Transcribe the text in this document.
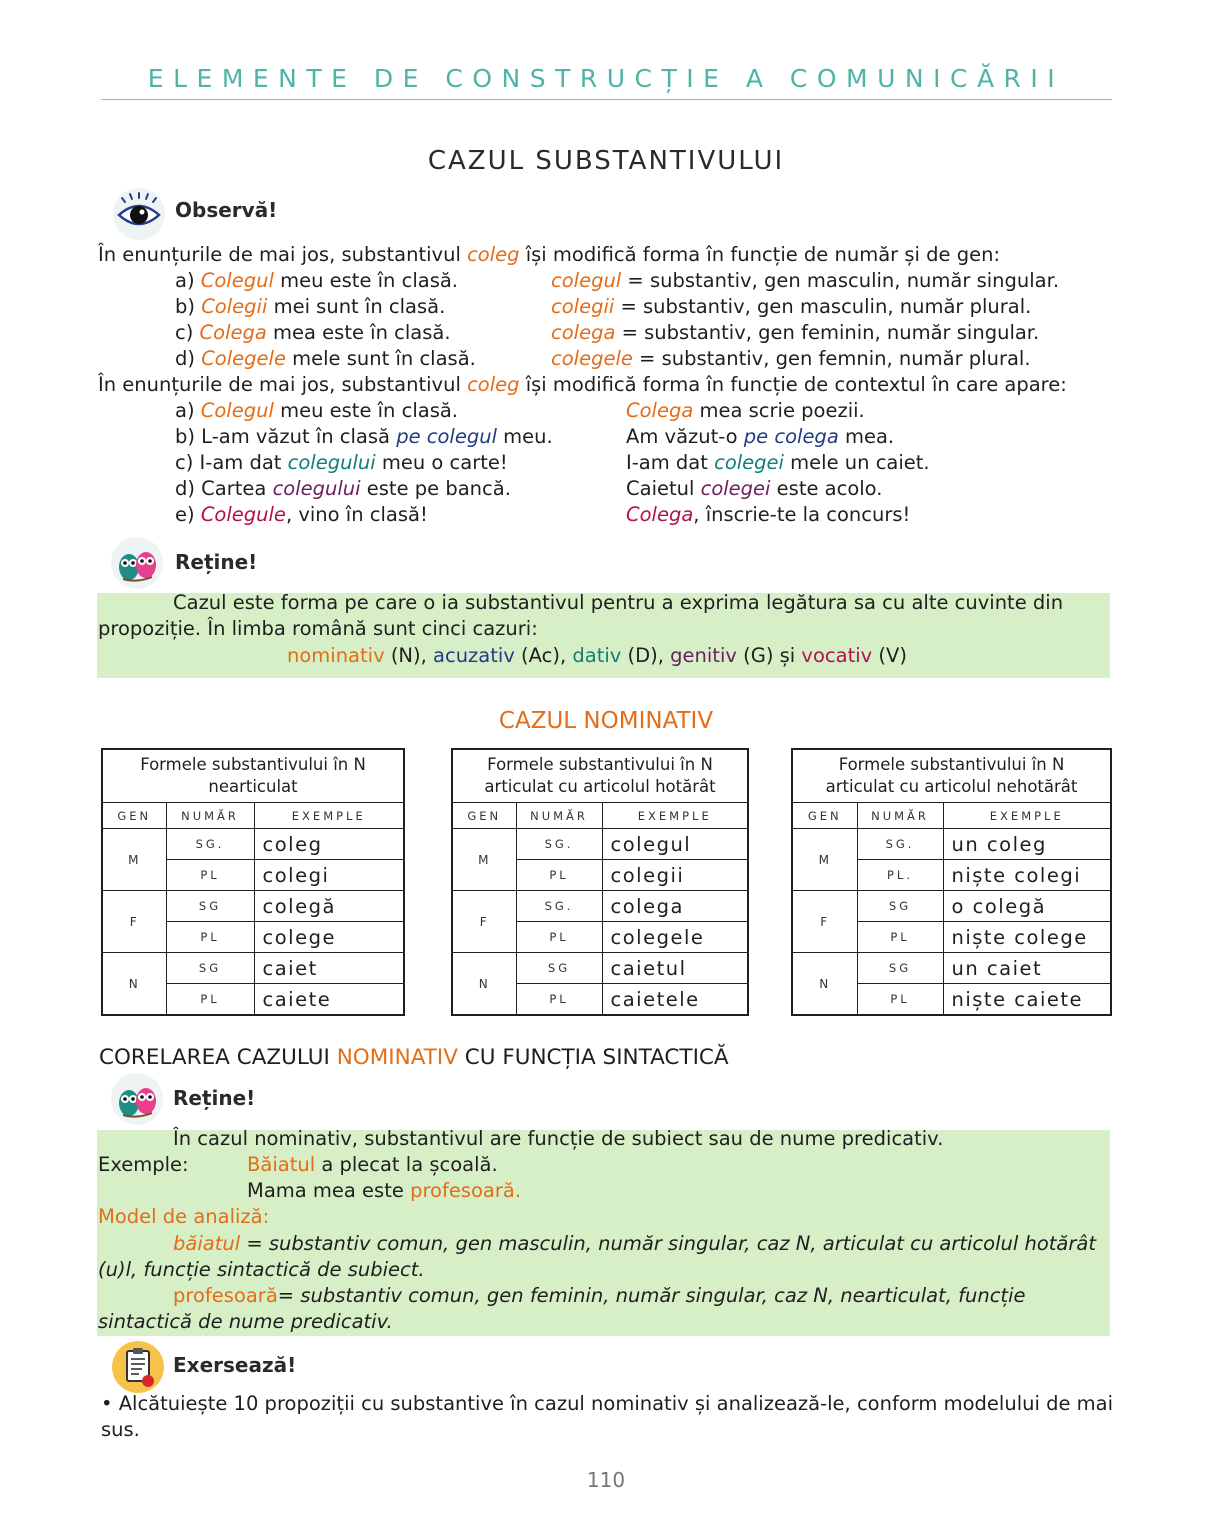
ELEMENTE DE CONSTRUCȚIE A COMUNICĂRII
CAZUL SUBSTANTIVULUI
Observă!
În enunțurile de mai jos, substantivul coleg își modifică forma în funcție de număr și de gen:
a) Colegul meu este în clasă.	colegul = substantiv, gen masculin, număr singular.
b) Colegii mei sunt în clasă.	colegii = substantiv, gen masculin, număr plural.
c) Colega mea este în clasă.	colega = substantiv, gen feminin, număr singular.
d) Colegele mele sunt în clasă.	colegele = substantiv, gen femnin, număr plural.
În enunțurile de mai jos, substantivul coleg își modifică forma în funcție de contextul în care apare:
a) Colegul meu este în clasă.	Colega mea scrie poezii.
b) L-am văzut în clasă pe colegul meu.	Am văzut-o pe colega mea.
c) I-am dat colegului meu o carte!	I-am dat colegei mele un caiet.
d) Cartea colegului este pe bancă.	Caietul colegei este acolo.
e) Colegule, vino în clasă!	Colega, înscrie-te la concurs!
Reține!
Cazul este forma pe care o ia substantivul pentru a exprima legătura sa cu alte cuvinte din
propoziție. În limba română sunt cinci cazuri:
nominativ (N), acuzativ (Ac), dativ (D), genitiv (G) și vocativ (V)
CAZUL NOMINATIV
Formele substantivului în N
nearticulat		
GEN	NUMĂR	EXEMPLE
M	SG.	coleg
	PL	colegi
F	SG	colegă
	PL	colege
N	SG	caiet
	PL	caiete
Formele substantivului în N
articulat cu articolul hotărât		
GEN	NUMĂR	EXEMPLE
M	SG.	colegul
	PL	colegii
F	SG.	colega
	PL	colegele
N	SG	caietul
	PL	caietele
Formele substantivului în N
articulat cu articolul nehotărât		
GEN	NUMĂR	EXEMPLE
M	SG.	un coleg
	PL.	niște colegi
F	SG	o colegă
	PL	niște colege
N	SG	un caiet
	PL	niște caiete
CORELAREA CAZULUI NOMINATIV CU FUNCȚIA SINTACTICĂ
Reține!
În cazul nominativ, substantivul are funcție de subiect sau de nume predicativ.
Exemple:	Băiatul a plecat la școală.
Mama mea este profesoară.
Model de analiză:
băiatul = substantiv comun, gen masculin, număr singular, caz N, articulat cu articolul hotărât
(u)l, funcție sintactică de subiect.
profesoară= substantiv comun, gen feminin, număr singular, caz N, nearticulat, funcție
sintactică de nume predicativ.
Exersează!
• Alcătuiește 10 propoziții cu substantive în cazul nominativ și analizează-le, conform modelului de mai
sus.
110
